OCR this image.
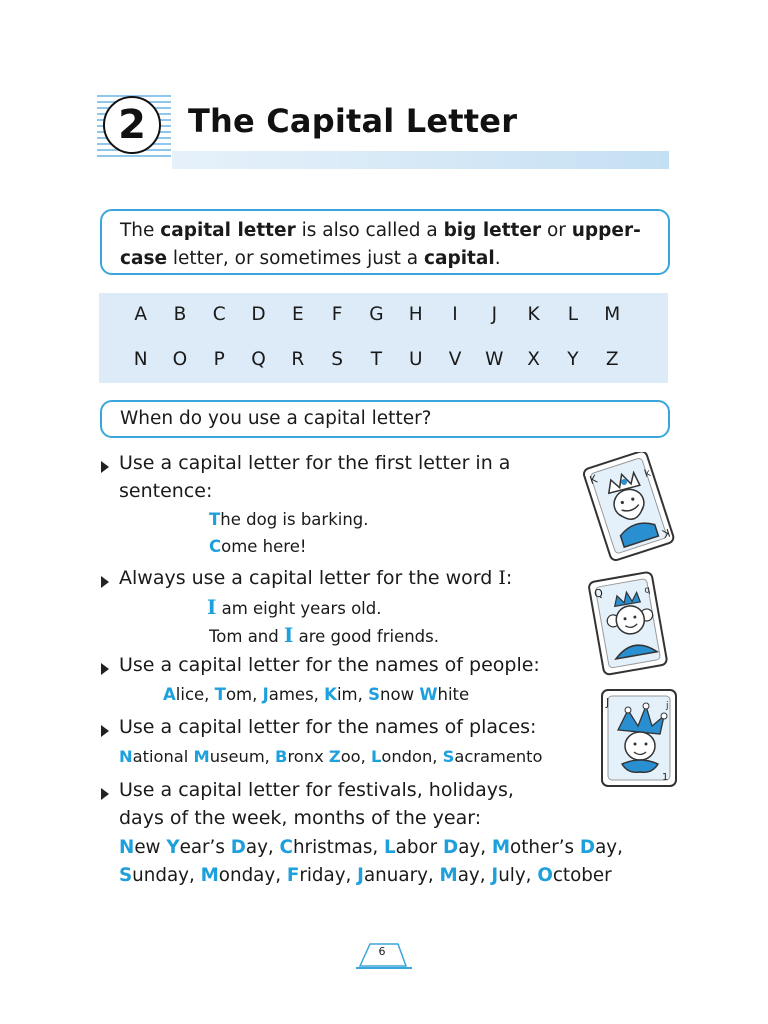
2	The Capital Letter
The capital letter is also called a big letter or upper-
case letter, or sometimes just a capital.
A	B	C	D	E	F	G	H	I	J	K	L	M
N	O	P	Q	R	S	T	U	V	W	X	Y	Z
When do you use a capital letter?
Use a capital letter for the first letter in a
sentence:
The dog is barking.
Come here!
Always use a capital letter for the word I:
I am eight years old.
Tom and I are good friends.
Use a capital letter for the names of people:
Alice, Tom, James, Kim, Snow White
Use a capital letter for the names of places:
National Museum, Bronx Zoo, London, Sacramento
Use a capital letter for festivals, holidays,
days of the week, months of the year:
New Year’s Day, Christmas, Labor Day, Mother’s Day,
Sunday, Monday, Friday, January, May, July, October
K	k
K
Q	q
J	j
1
6
